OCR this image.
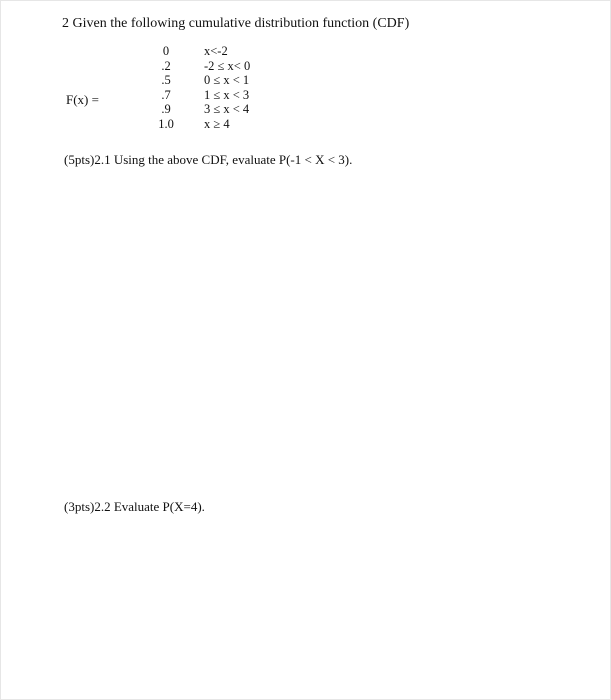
2 Given the following cumulative distribution function (CDF)
F(x) =
0	x<-2
.2	-2 ≤ x< 0
.5	0 ≤ x < 1
.7	1 ≤ x < 3
.9	3 ≤ x < 4
1.0	x ≥ 4
(5pts)2.1 Using the above CDF, evaluate P(-1 < X < 3).
(3pts)2.2 Evaluate P(X=4).
